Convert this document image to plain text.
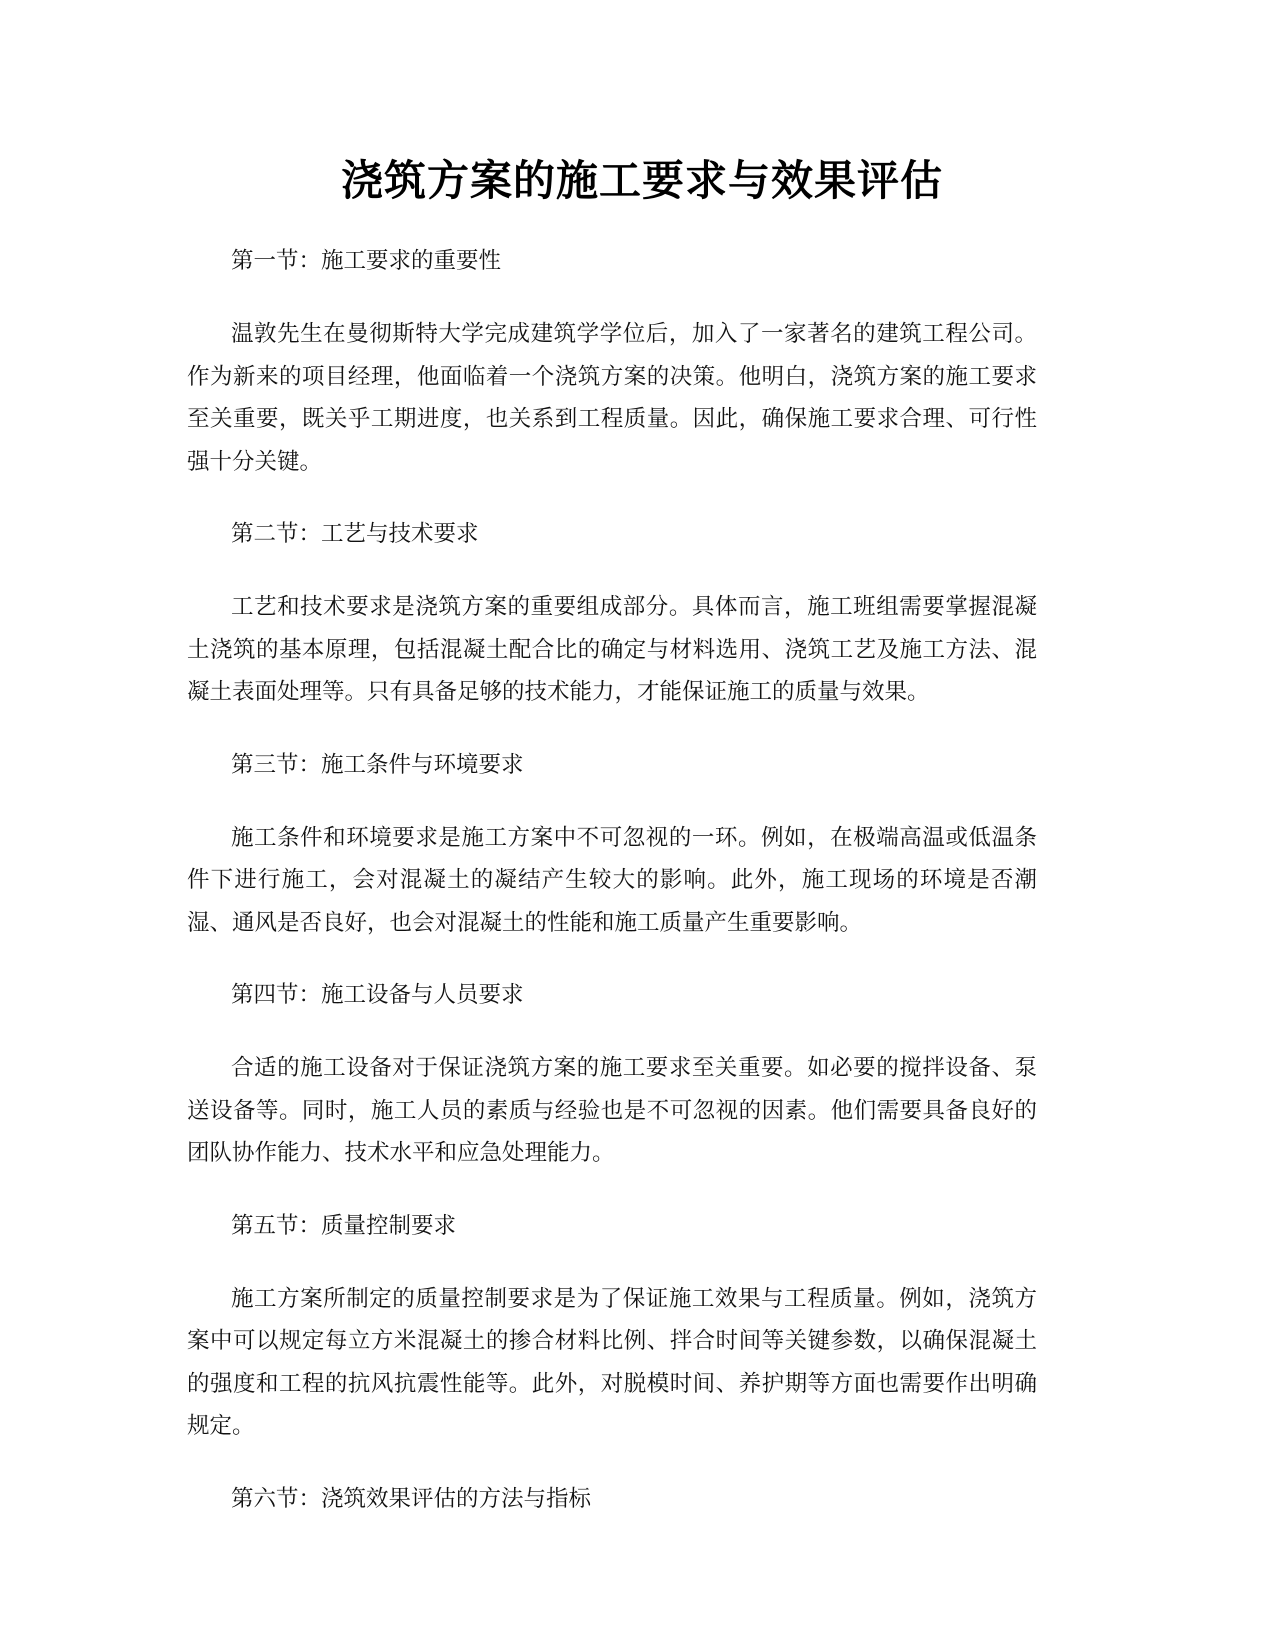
浇筑方案的施工要求与效果评估
第一节：施工要求的重要性

温敦先生在曼彻斯特大学完成建筑学学位后，加入了一家著名的建筑工程公司。作为新来的项目经理，他面临着一个浇筑方案的决策。他明白，浇筑方案的施工要求至关重要，既关乎工期进度，也关系到工程质量。因此，确保施工要求合理、可行性强十分关键。

第二节：工艺与技术要求

工艺和技术要求是浇筑方案的重要组成部分。具体而言，施工班组需要掌握混凝土浇筑的基本原理，包括混凝土配合比的确定与材料选用、浇筑工艺及施工方法、混凝土表面处理等。只有具备足够的技术能力，才能保证施工的质量与效果。

第三节：施工条件与环境要求

施工条件和环境要求是施工方案中不可忽视的一环。例如，在极端高温或低温条件下进行施工，会对混凝土的凝结产生较大的影响。此外，施工现场的环境是否潮湿、通风是否良好，也会对混凝土的性能和施工质量产生重要影响。

第四节：施工设备与人员要求

合适的施工设备对于保证浇筑方案的施工要求至关重要。如必要的搅拌设备、泵送设备等。同时，施工人员的素质与经验也是不可忽视的因素。他们需要具备良好的团队协作能力、技术水平和应急处理能力。

第五节：质量控制要求

施工方案所制定的质量控制要求是为了保证施工效果与工程质量。例如，浇筑方案中可以规定每立方米混凝土的掺合材料比例、拌合时间等关键参数，以确保混凝土的强度和工程的抗风抗震性能等。此外，对脱模时间、养护期等方面也需要作出明确规定。

第六节：浇筑效果评估的方法与指标
